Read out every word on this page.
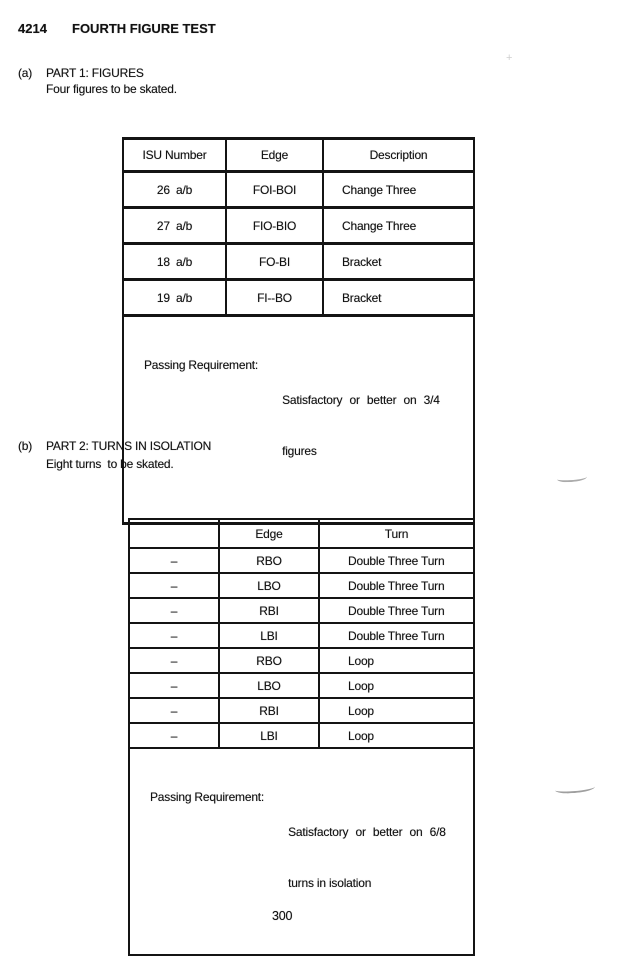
4214 FOURTH FIGURE TEST
(a) PART 1: FIGURES
Four figures to be skated.
ISU Number	Edge	Description
26  a/b	FOI-BOI	Change Three
27  a/b	FIO-BIO	Change Three
18  a/b	FO-BI	Bracket
19  a/b	FI--BO	Bracket

Passing Requirement:

Satisfactory or better on 3/4

figures		

(b) PART 2: TURNS IN ISOLATION
Eight turns  to be skated.
	Edge	Turn
–	RBO	Double Three Turn
–	LBO	Double Three Turn
–	RBI	Double Three Turn
–	LBI	Double Three Turn
–	RBO	Loop
–	LBO	Loop
–	RBI	Loop
–	LBI	Loop

Passing Requirement:

Satisfactory or better on 6/8

turns in isolation		

300
+
